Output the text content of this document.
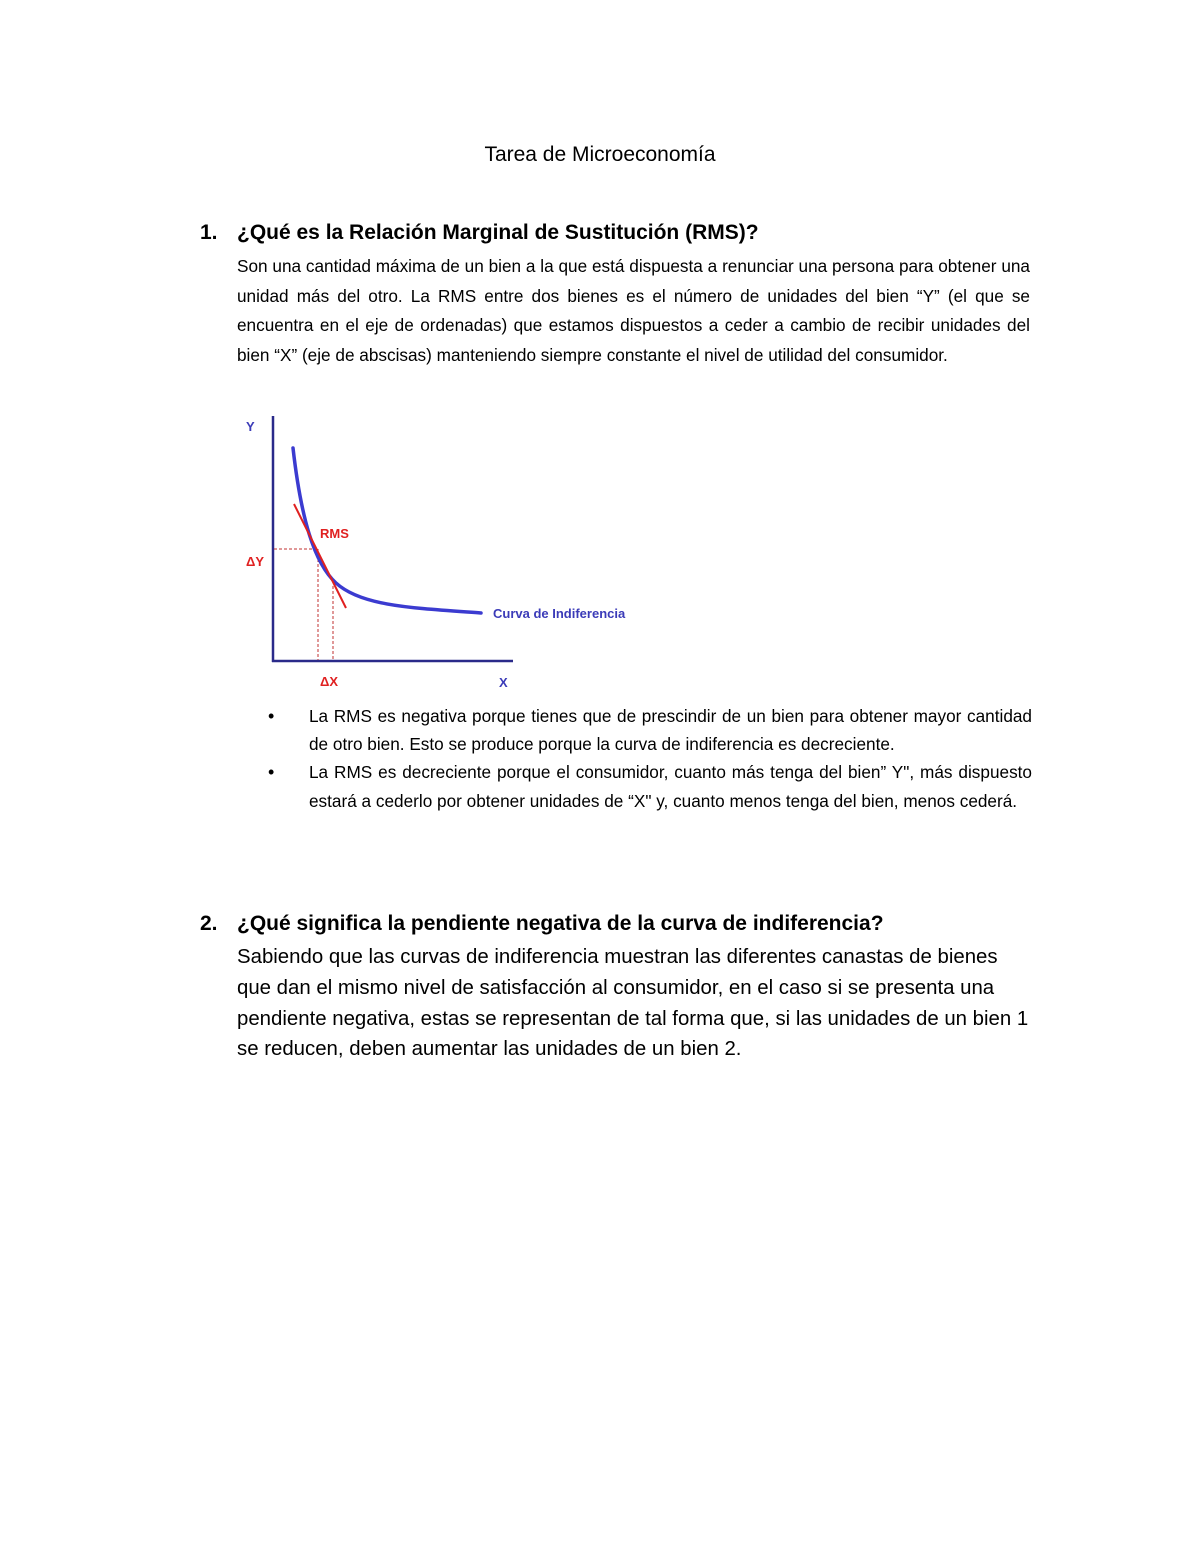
Tarea de Microeconomía
1. ¿Qué es la Relación Marginal de Sustitución (RMS)?

Son una cantidad máxima de un bien a la que está dispuesta a renunciar una persona para obtener una unidad más del otro. La RMS entre dos bienes es el número de unidades del bien “Y” (el que se encuentra en el eje de ordenadas) que estamos dispuestos a ceder a cambio de recibir unidades del bien “X” (eje de abscisas) manteniendo siempre constante el nivel de utilidad del consumidor.

Y
X
RMS
ΔY
ΔX
Curva de Indiferencia
• La RMS es negativa porque tienes que de prescindir de un bien para obtener mayor cantidad de otro bien. Esto se produce porque la curva de indiferencia es decreciente.
• La RMS es decreciente porque el consumidor, cuanto más tenga del bien” Y", más dispuesto estará a cederlo por obtener unidades de “X" y, cuanto menos tenga del bien, menos cederá.
2. ¿Qué significa la pendiente negativa de la curva de indiferencia?

Sabiendo que las curvas de indiferencia muestran las diferentes canastas de bienes que dan el mismo nivel de satisfacción al consumidor, en el caso si se presenta una pendiente negativa, estas se representan de tal forma que, si las unidades de un bien 1 se reducen, deben aumentar las unidades de un bien 2.
